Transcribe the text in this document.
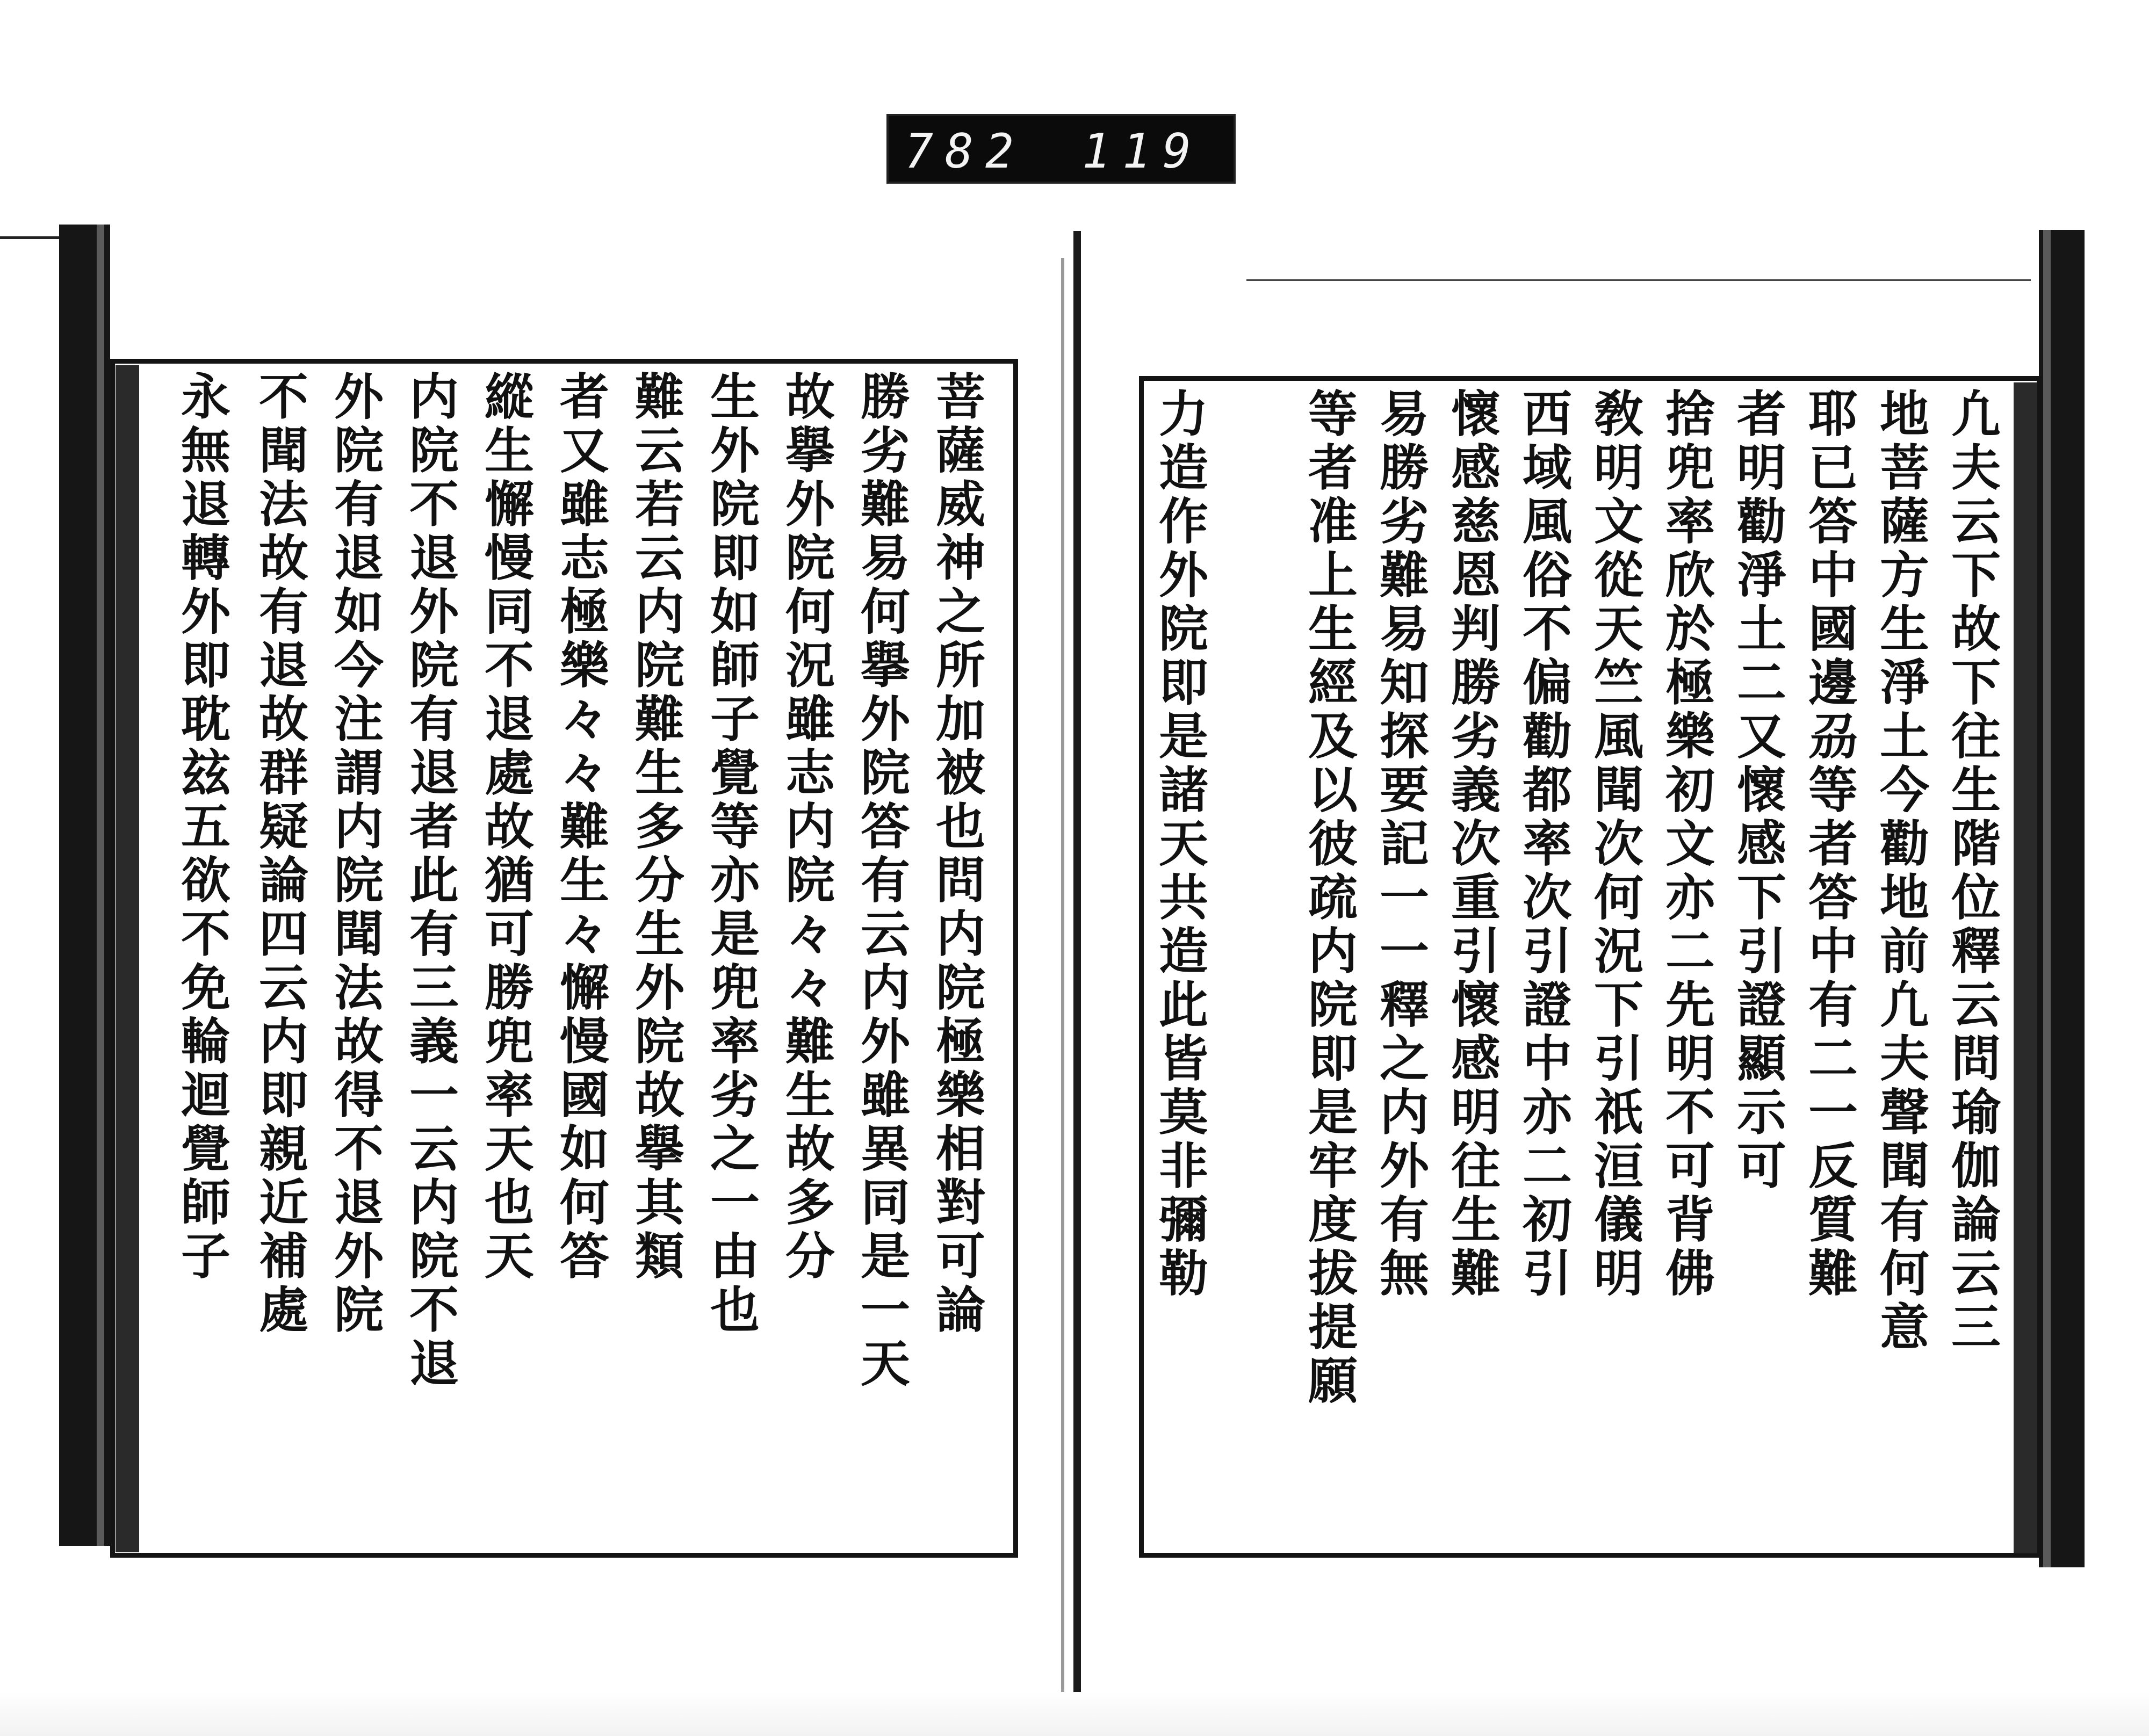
782 119
凢夫云下故下往生階位釋云問瑜伽論云三
地菩薩方生淨土今勸地前凢夫聲聞有何意
耶已答中國邊刕等者答中有二一反質難
者明勸淨土二又懷感下引證顯示可
捨兜率欣於極樂初文亦二先明不可背佛
敎明文從天竺風聞次何況下引祇洹儀明
西域風俗不偏勸都率次引證中亦二初引
懷感慈恩判勝劣義次重引懷感明往生難
易勝劣難易知探要記一一釋之内外有無
等者准上生經及以彼疏内院即是牢度拔提願
力造作外院即是諸天共造此皆莫非彌勒
菩薩威神之所加被也問内院極樂相對可論
勝劣難易何擧外院答有云内外雖異同是一天
故擧外院何況雖志内院々々難生故多分
生外院即如師子覺等亦是兜率劣之一由也
難云若云内院難生多分生外院故擧其類
者又雖志極樂々々難生々懈慢國如何答
縱生懈慢同不退處故猶可勝兜率天也天
内院不退外院有退者此有三義一云内院不退
外院有退如今注謂内院聞法故得不退外院
不聞法故有退故群疑論四云内即親近補處
永無退轉外即耽玆五欲不免輪迴覺師子
